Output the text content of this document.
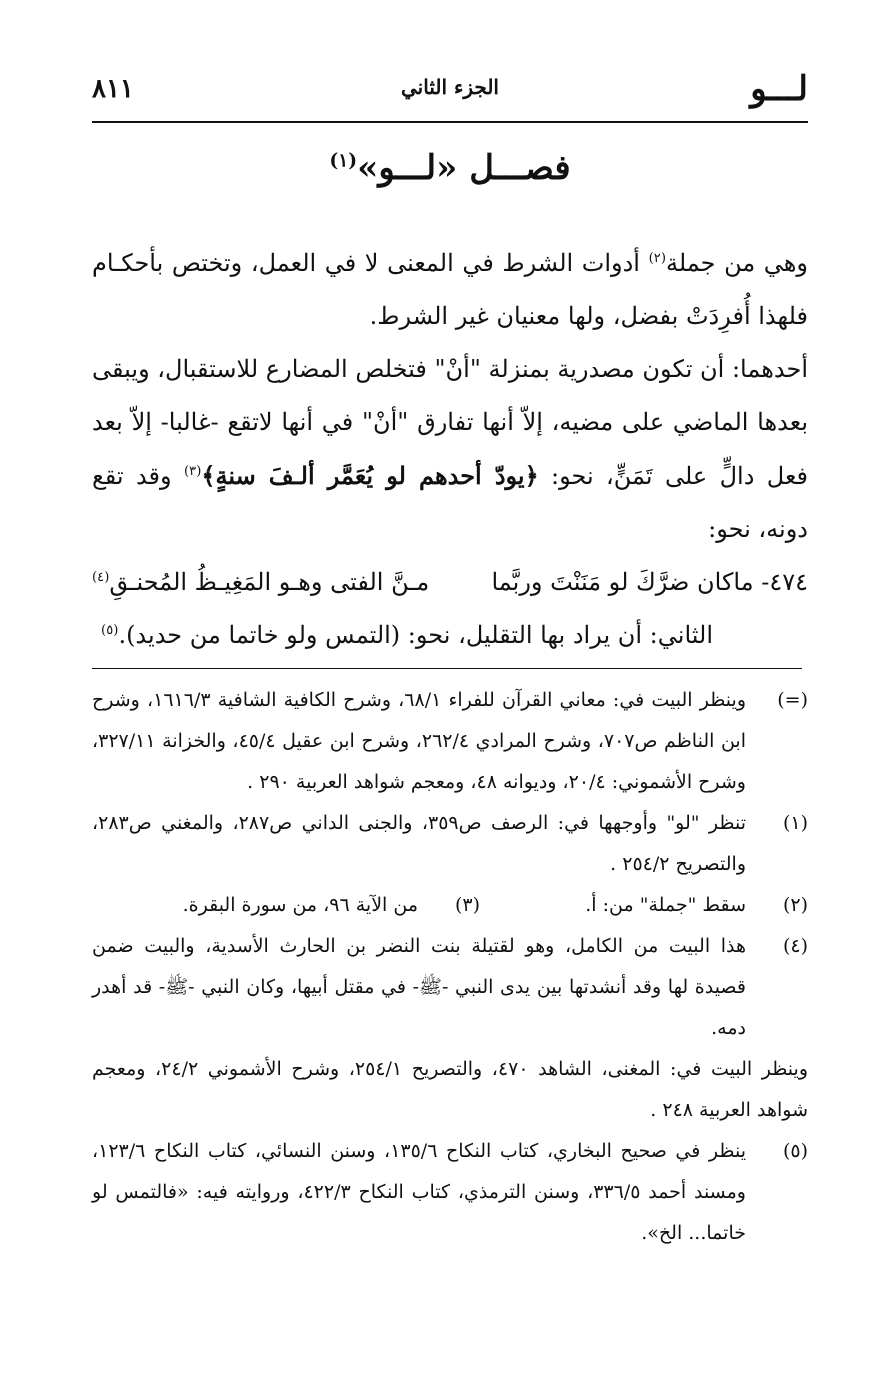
لـــو
الجزء الثاني
٨١١
فصـــل «لـــو»$^{(١)}$

وهي من جملة$^{(٢)}$ أدوات الشرط في المعنى لا في العمل، وتختص بأحكـام فلهذا أُفرِدَتْ بفضل، ولها معنيان غير الشرط.

أحدهما: أن تكون مصدرية بمنزلة "أنْ" فتخلص المضارع للاستقبال، ويبقى بعدها الماضي على مضيه، إلاّ أنها تفارق "أنْ" في أنها لاتقع -غالبا- إلاّ بعد فعل دالٍّ على تَمَنٍّ، نحو: ﴿يودّ أحدهم لو يُعَمَّر ألـفَ سنةٍ﴾$^{(٣)}$ وقد تقع دونه، نحو:

٤٧٤- ماكان ضرَّكَ لو مَنَنْتَ وربَّما
مـنَّ الفتى وهـو المَغِيـظُ المُحنـقِ$^{(٤)}$

الثاني: أن يراد بها التقليل، نحو: (التمس ولو خاتما من حديد).$^{(٥)}$

(=)
وينظر البيت في: معاني القرآن للفراء ٦٨/١، وشرح الكافية الشافية ١٦١٦/٣، وشرح ابن الناظم ص٧٠٧، وشرح المرادي ٢٦٢/٤، وشرح ابن عقيل ٤٥/٤، والخزانة ٣٢٧/١١، وشرح الأشموني: ٢٠/٤، وديوانه ٤٨، ومعجم شواهد العربية ٢٩٠ .
(١)
تنظر "لو" وأوجهها في: الرصف ص٣٥٩، والجنى الداني ص٢٨٧، والمغني ص٢٨٣، والتصريح ٢٥٤/٢ .
(٢)
سقط "جملة" من: أ.
(٣)
من الآية ٩٦، من سورة البقرة.
(٤)
هذا البيت من الكامل، وهو لقتيلة بنت النضر بن الحارث الأسدية، والبيت ضمن قصيدة لها وقد أنشدتها بين يدى النبي -ﷺ- في مقتل أبيها، وكان النبي -ﷺ- قد أهدر دمه.
وينظر البيت في: المغنى، الشاهد ٤٧٠، والتصريح ٢٥٤/١، وشرح الأشموني ٢٤/٢، ومعجم شواهد العربية ٢٤٨ .
(٥)
ينظر في صحيح البخاري، كتاب النكاح ١٣٥/٦، وسنن النسائي، كتاب النكاح ١٢٣/٦، ومسند أحمد ٣٣٦/٥، وسنن الترمذي، كتاب النكاح ٤٢٢/٣، وروايته فيه: «فالتمس لو خاتما... الخ».
